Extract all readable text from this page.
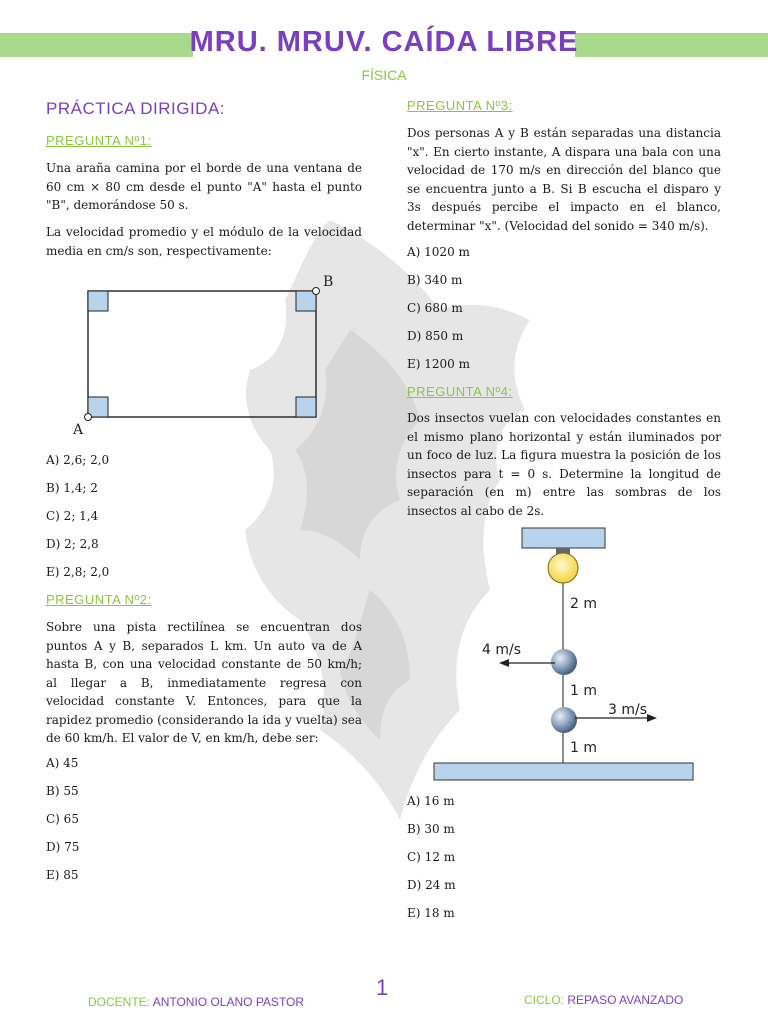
MRU. MRUV. CAÍDA LIBRE
FÍSICA
PRÁCTICA DIRIGIDA:
PREGUNTA Nº1:
Una araña camina por el borde de una ventana de 60 cm × 80 cm desde el punto "A" hasta el punto "B", demorándose 50 s.
La velocidad promedio y el módulo de la velocidad media en cm/s son, respectivamente:
A
B
A) 2,6; 2,0
B) 1,4; 2
C) 2; 1,4
D) 2; 2,8
E) 2,8; 2,0
PREGUNTA Nº2:
Sobre una pista rectilínea se encuentran dos puntos A y B, separados L km. Un auto va de A hasta B, con una velocidad constante de 50 km/h; al llegar a B, inmediatamente regresa con velocidad constante V. Entonces, para que la rapidez promedio (considerando la ida y vuelta) sea de 60 km/h. El valor de V, en km/h, debe ser:
A) 45
B) 55
C) 65
D) 75
E) 85
PREGUNTA Nº3:
Dos personas A y B están separadas una distancia "x". En cierto instante, A dispara una bala con una velocidad de 170 m/s en dirección del blanco que se encuentra junto a B. Si B escucha el disparo y 3s después percibe el impacto en el blanco, determinar "x". (Velocidad del sonido = 340 m/s).
A) 1020 m
B) 340 m
C) 680 m
D) 850 m
E) 1200 m
PREGUNTA Nº4:
Dos insectos vuelan con velocidades constantes en el mismo plano horizontal y están iluminados por un foco de luz. La figura muestra la posición de los insectos para t = 0 s. Determine la longitud de separación (en m) entre las sombras de los insectos al cabo de 2s.
2 m
4 m/s
1 m
3 m/s
1 m
A) 16 m
B) 30 m
C) 12 m
D) 24 m
E) 18 m
DOCENTE: ANTONIO OLANO PASTOR
1	CICLO: REPASO AVANZADO
